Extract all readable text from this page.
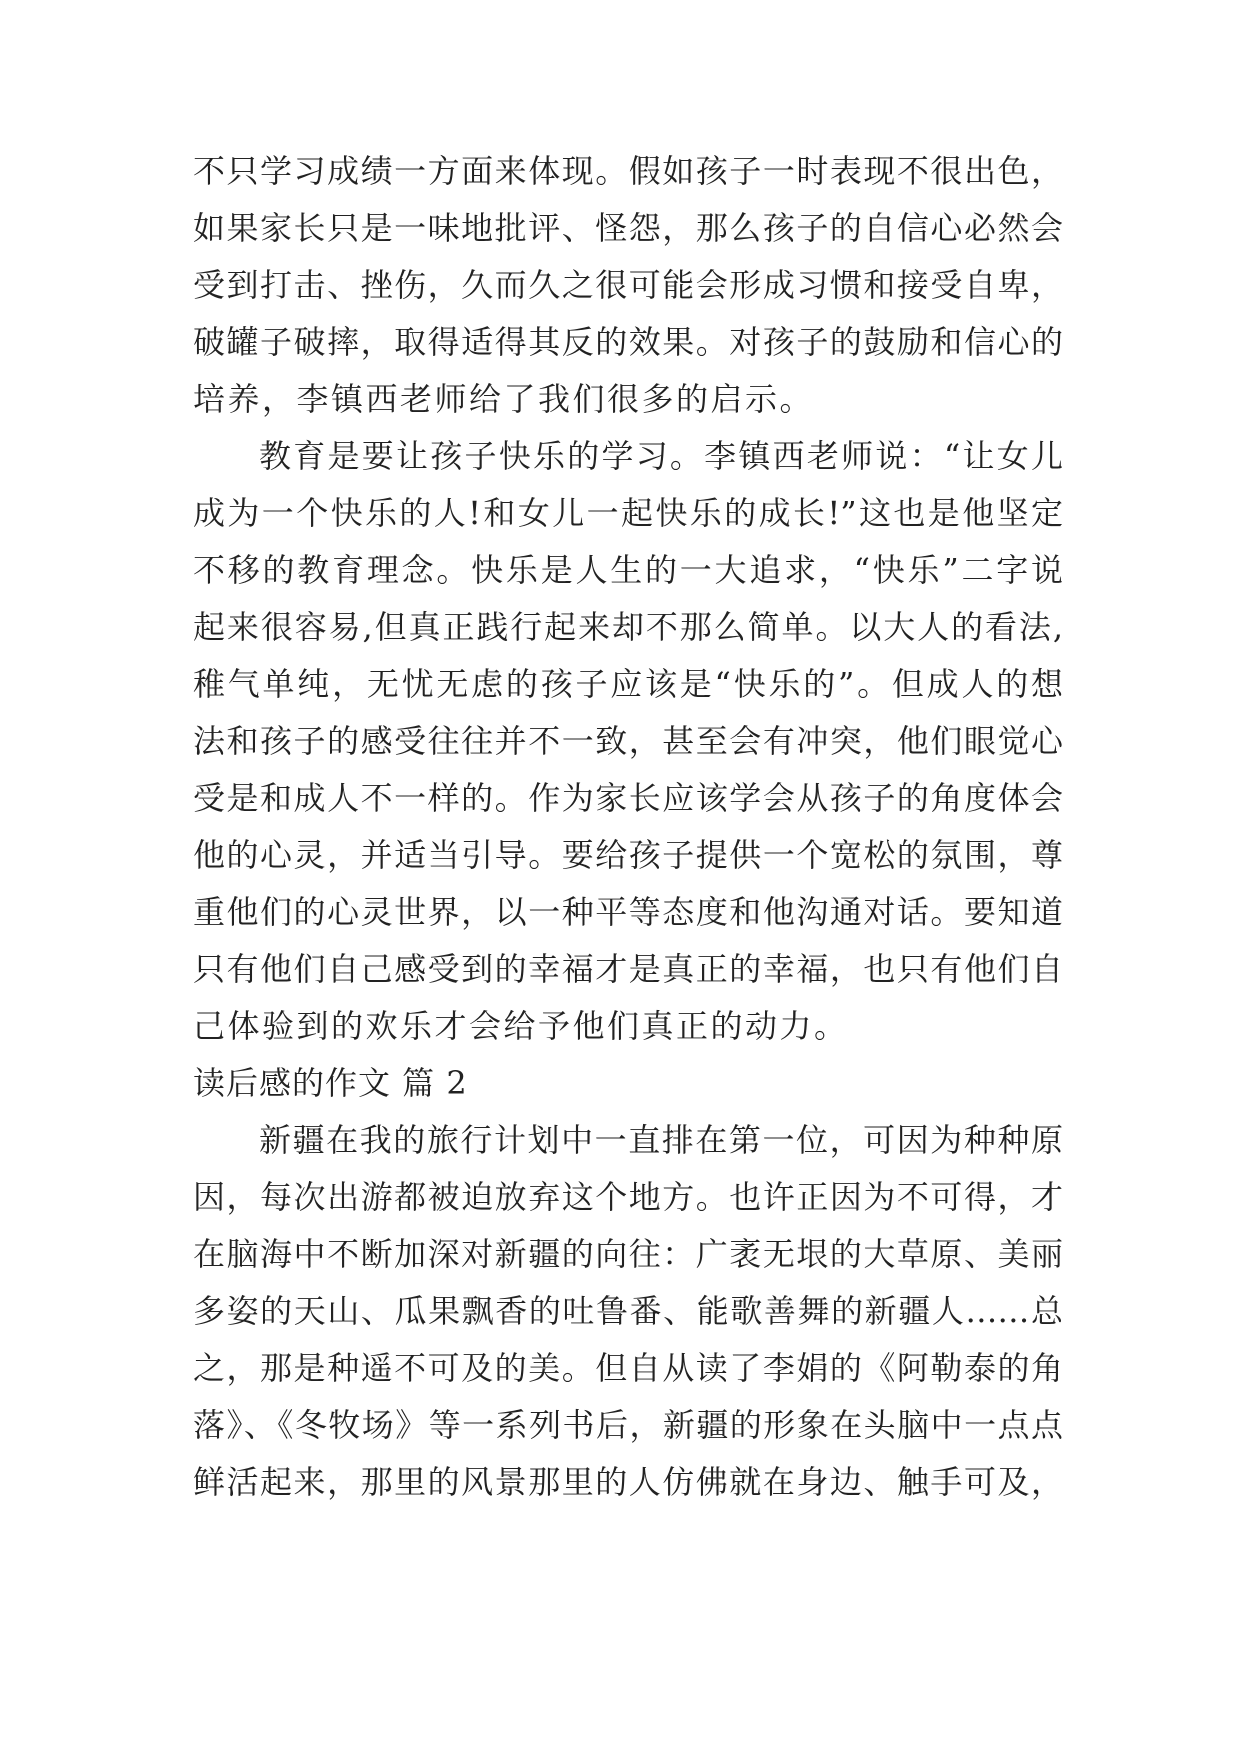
不只学习成绩一方面来体现。假如孩子一时表现不很出色，
如果家长只是一味地批评、怪怨，那么孩子的自信心必然会
受到打击、挫伤，久而久之很可能会形成习惯和接受自卑，
破罐子破摔，取得适得其反的效果。对孩子的鼓励和信心的
培养，李镇西老师给了我们很多的启示。
教育是要让孩子快乐的学习。李镇西老师说：“让女儿
成为一个快乐的人!和女儿一起快乐的成长!”这也是他坚定
不移的教育理念。快乐是人生的一大追求，“快乐”二字说
起来很容易,但真正践行起来却不那么简单。以大人的看法,
稚气单纯，无忧无虑的孩子应该是“快乐的”。但成人的想
法和孩子的感受往往并不一致，甚至会有冲突，他们眼觉心
受是和成人不一样的。作为家长应该学会从孩子的角度体会
他的心灵，并适当引导。要给孩子提供一个宽松的氛围，尊
重他们的心灵世界，以一种平等态度和他沟通对话。要知道
只有他们自己感受到的幸福才是真正的幸福，也只有他们自
己体验到的欢乐才会给予他们真正的动力。
读后感的作文 篇 2
新疆在我的旅行计划中一直排在第一位，可因为种种原
因，每次出游都被迫放弃这个地方。也许正因为不可得，才
在脑海中不断加深对新疆的向往：广袤无垠的大草原、美丽
多姿的天山、瓜果飘香的吐鲁番、能歌善舞的新疆人……总
之，那是种遥不可及的美。但自从读了李娟的《阿勒泰的角
落》、《冬牧场》等一系列书后，新疆的形象在头脑中一点点
鲜活起来，那里的风景那里的人仿佛就在身边、触手可及，
